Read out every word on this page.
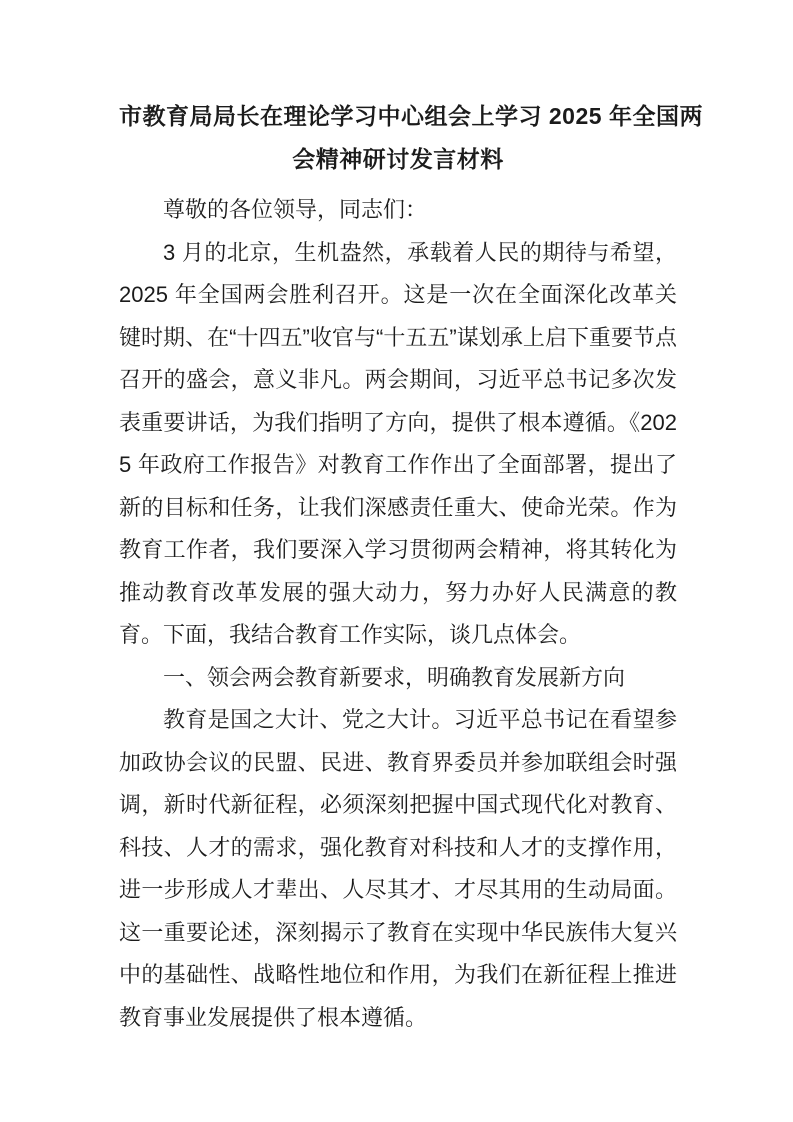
市教育局局长在理论学习中心组会上学习 2025 年全国两
会精神研讨发言材料

尊敬的各位领导，同志们：

3 月的北京，生机盎然，承载着人民的期待与希望，2025 年全国两会胜利召开。这是一次在全面深化改革关键时期、在“十四五”收官与“十五五”谋划承上启下重要节点召开的盛会，意义非凡。两会期间，习近平总书记多次发表重要讲话，为我们指明了方向，提供了根本遵循。《2025 年政府工作报告》对教育工作作出了全面部署，提出了新的目标和任务，让我们深感责任重大、使命光荣。作为教育工作者，我们要深入学习贯彻两会精神，将其转化为推动教育改革发展的强大动力，努力办好人民满意的教育。下面，我结合教育工作实际，谈几点体会。

一、领会两会教育新要求，明确教育发展新方向

教育是国之大计、党之大计。习近平总书记在看望参加政协会议的民盟、民进、教育界委员并参加联组会时强调，新时代新征程，必须深刻把握中国式现代化对教育、科技、人才的需求，强化教育对科技和人才的支撑作用，进一步形成人才辈出、人尽其才、才尽其用的生动局面。这一重要论述，深刻揭示了教育在实现中华民族伟大复兴中的基础性、战略性地位和作用，为我们在新征程上推进教育事业发展提供了根本遵循。
